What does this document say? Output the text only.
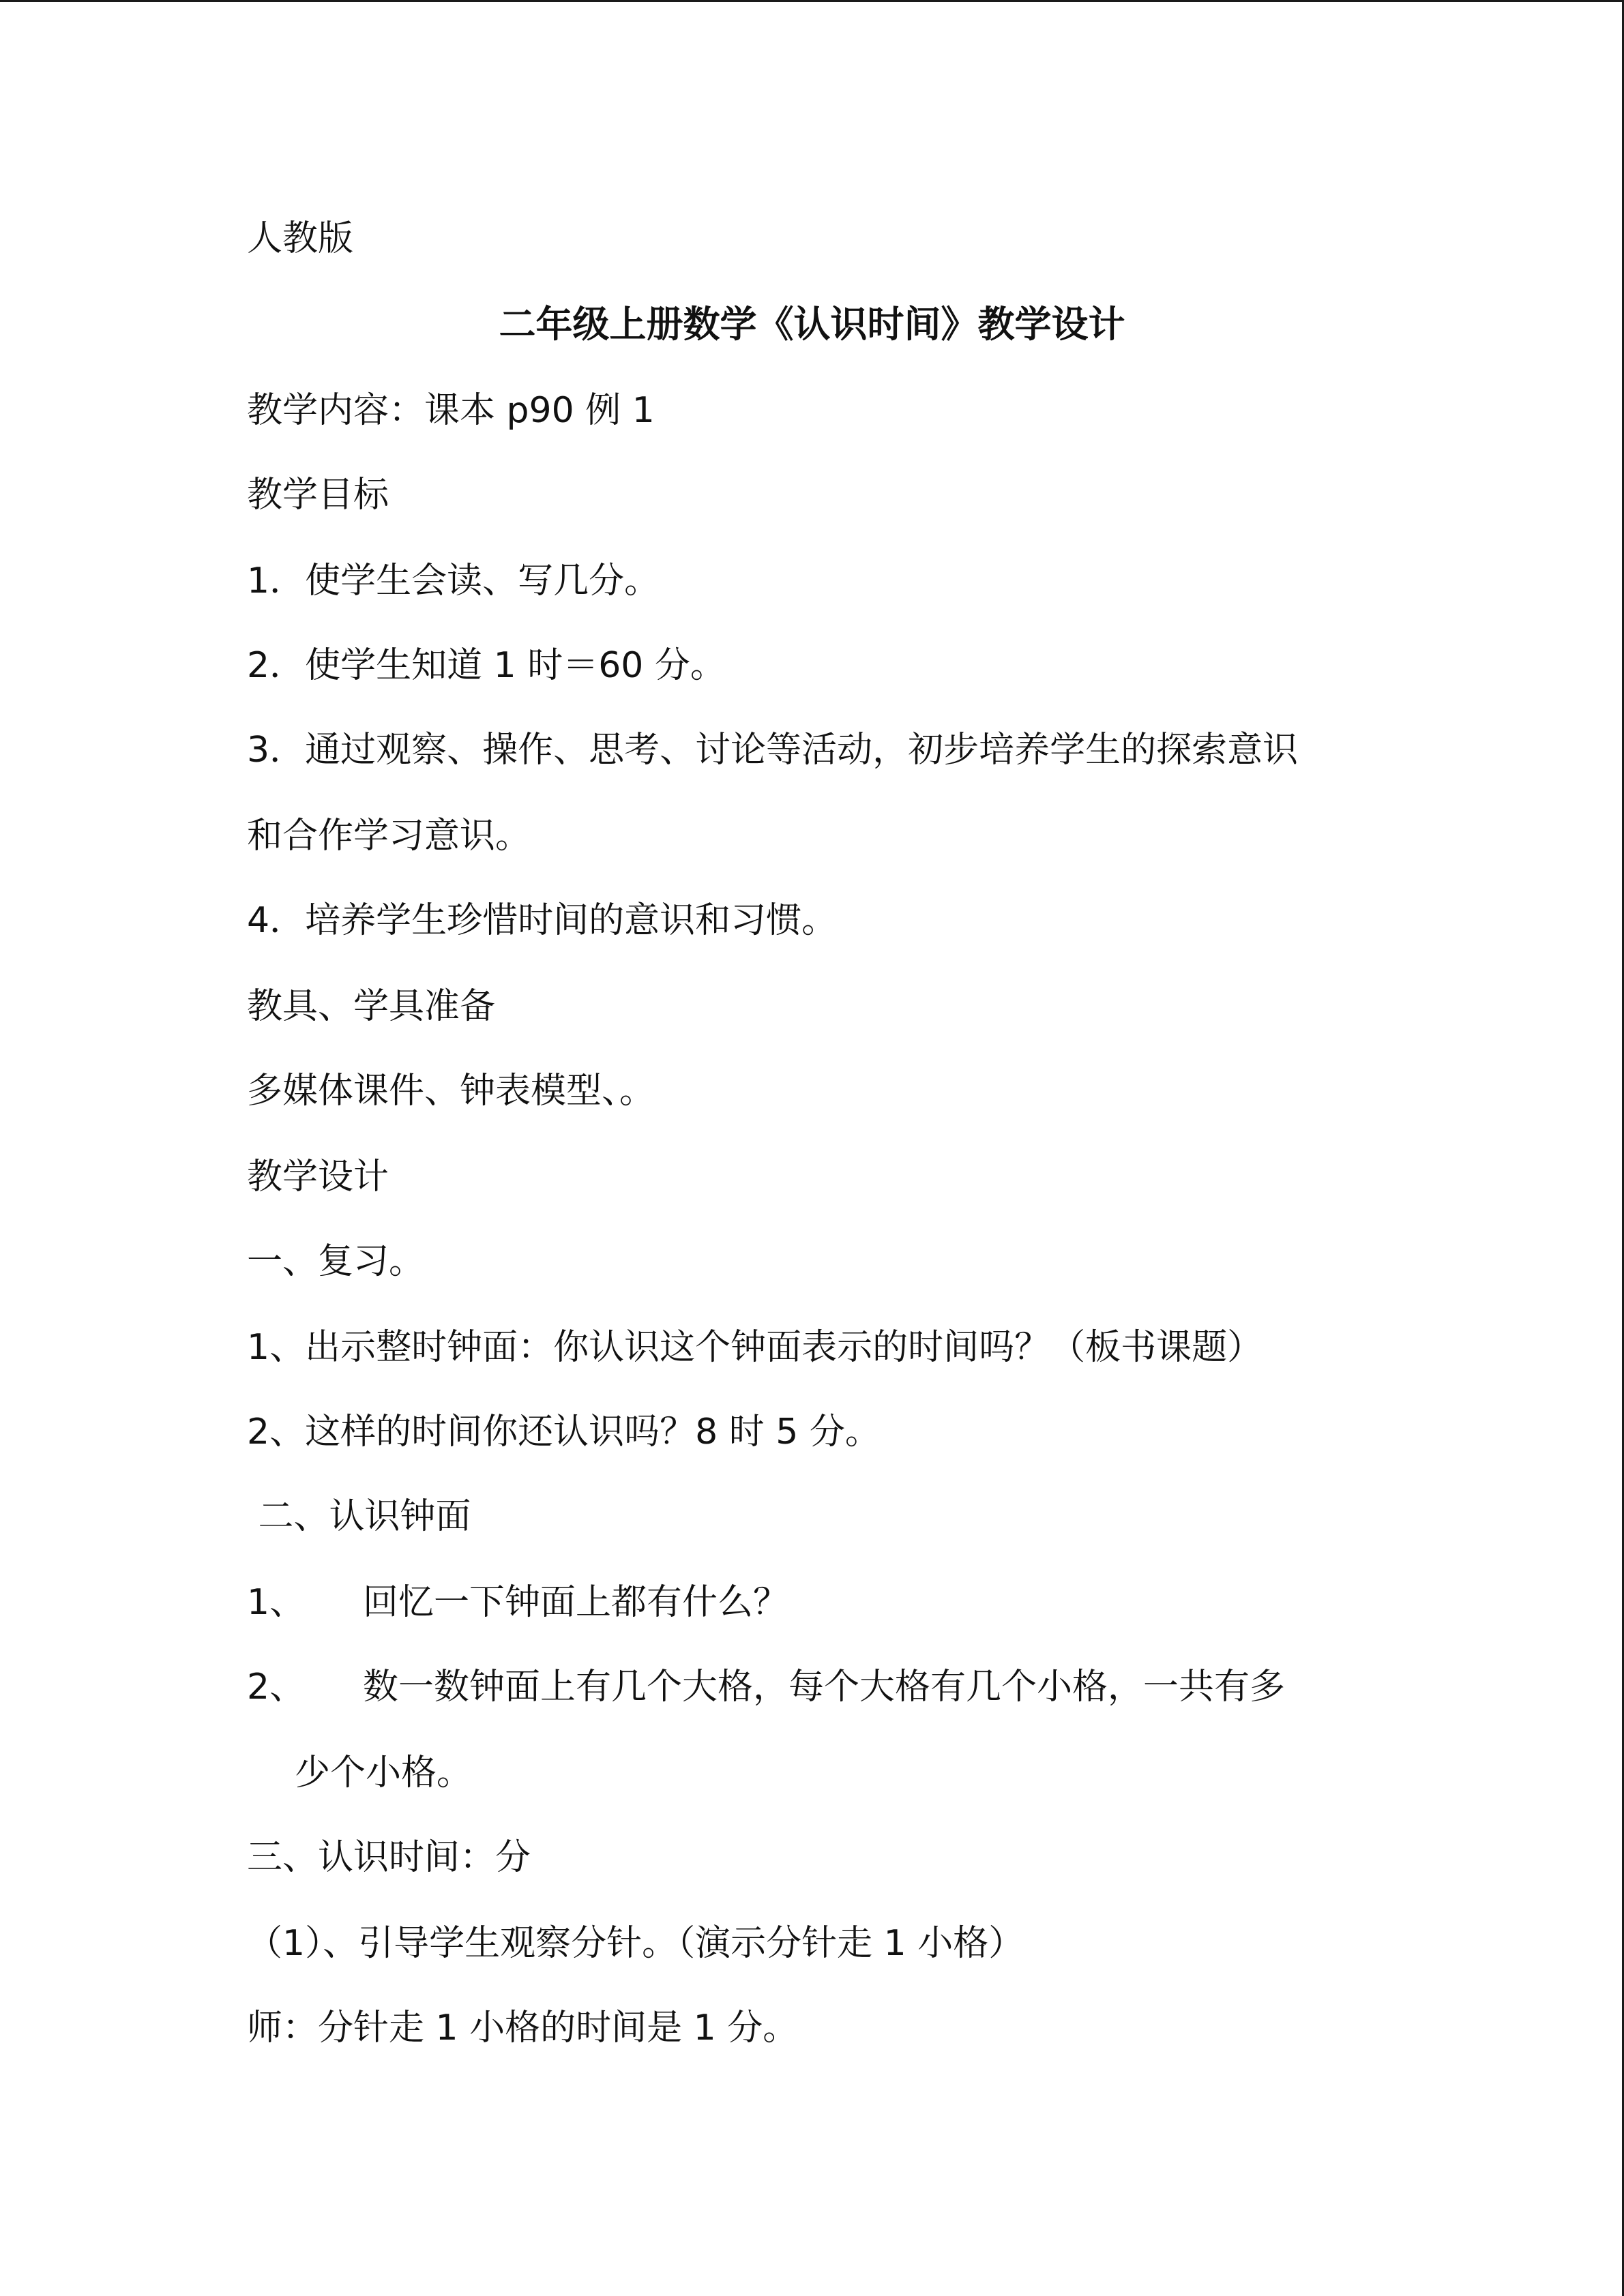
人教版
二年级上册数学《认识时间》教学设计
教学内容：课本 p90 例 1
教学目标
1．使学生会读、写几分。
2．使学生知道 1 时＝60 分。
3．通过观察、操作、思考、讨论等活动，初步培养学生的探索意识
和合作学习意识。
4．培养学生珍惜时间的意识和习惯。
教具、学具准备
多媒体课件、钟表模型、。
教学设计
一、复习。
1、出示整时钟面：你认识这个钟面表示的时间吗？（板书课题）
2、这样的时间你还认识吗？8 时 5 分。
二、认识钟面
1、 回忆一下钟面上都有什么？
2、 数一数钟面上有几个大格，每个大格有几个小格，一共有多
少个小格。
三、认识时间：分
（1）、引导学生观察分针。（演示分针走 1 小格）
师：分针走 1 小格的时间是 1 分。
